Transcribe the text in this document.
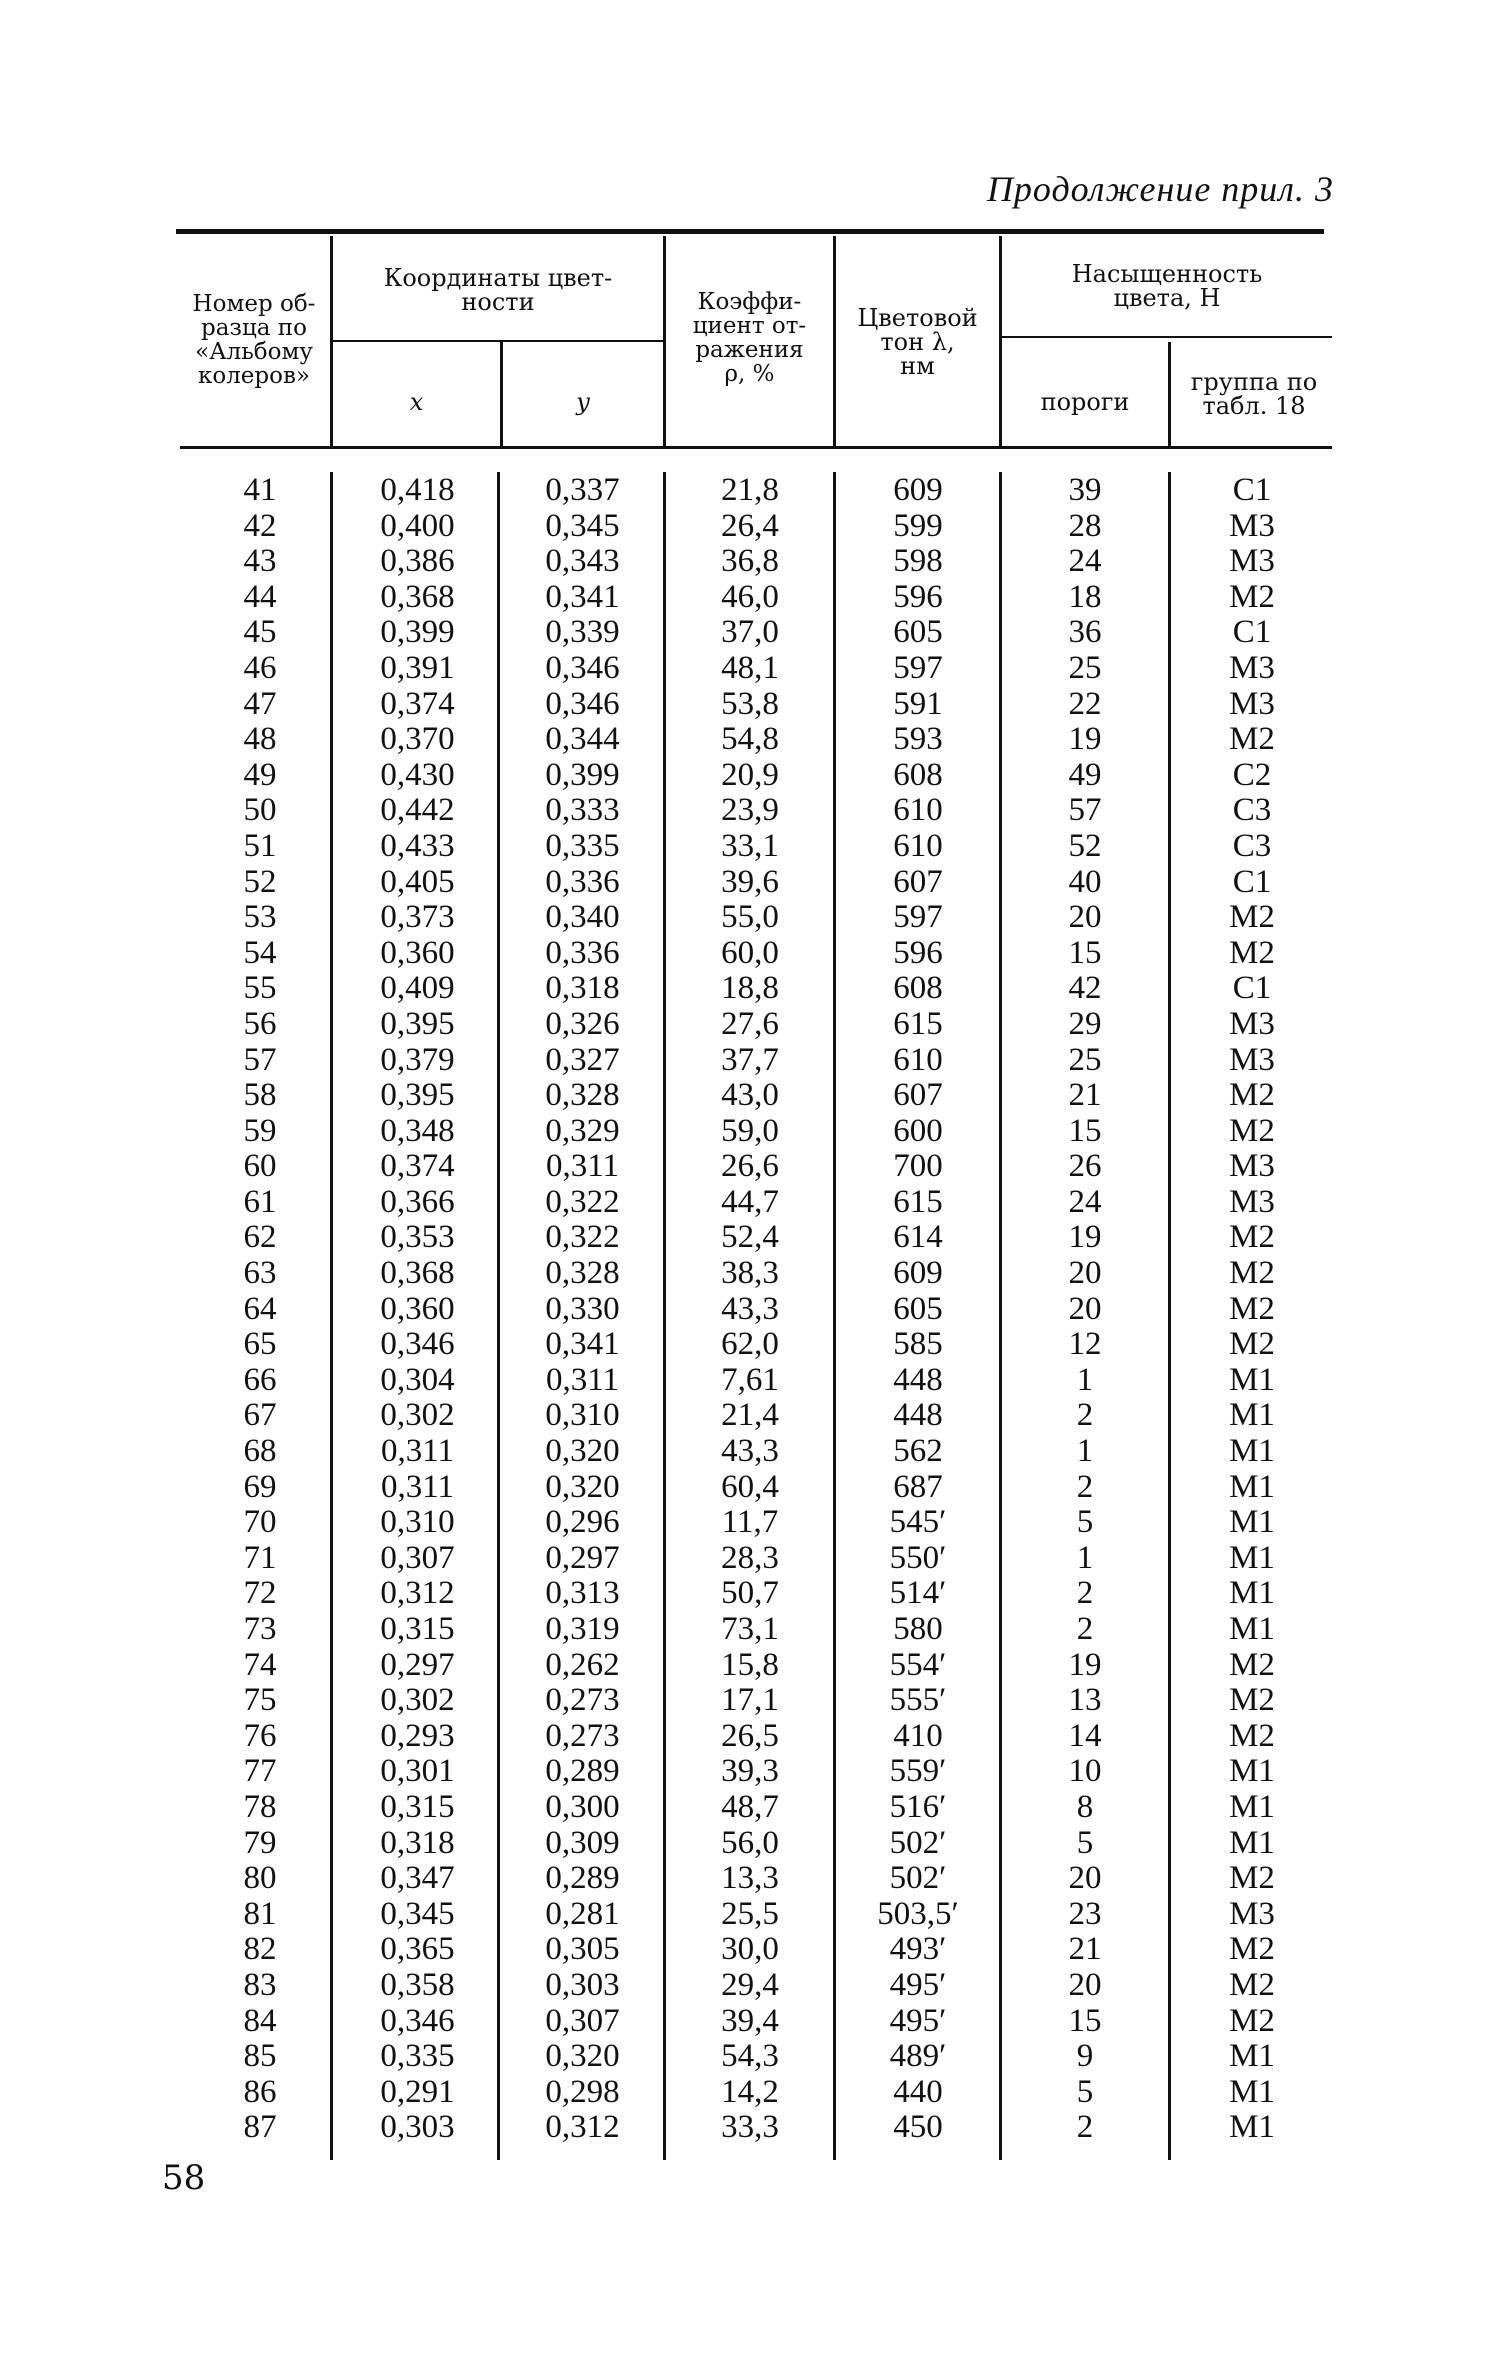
Продолжение прил. 3
Номер об-
разца по
«Альбому
колеров»
Координаты цвет-
ности
x	y
Коэффи-
циент от-
ражения
ρ, %
Цветовой
тон λ,
нм
Насыщенность
цвета, H
пороги
группа по
табл. 18
41	0,418	0,337	21,8	609	39	C1
42	0,400	0,345	26,4	599	28	M3
43	0,386	0,343	36,8	598	24	M3
44	0,368	0,341	46,0	596	18	M2
45	0,399	0,339	37,0	605	36	C1
46	0,391	0,346	48,1	597	25	M3
47	0,374	0,346	53,8	591	22	M3
48	0,370	0,344	54,8	593	19	M2
49	0,430	0,399	20,9	608	49	C2
50	0,442	0,333	23,9	610	57	C3
51	0,433	0,335	33,1	610	52	C3
52	0,405	0,336	39,6	607	40	C1
53	0,373	0,340	55,0	597	20	M2
54	0,360	0,336	60,0	596	15	M2
55	0,409	0,318	18,8	608	42	C1
56	0,395	0,326	27,6	615	29	M3
57	0,379	0,327	37,7	610	25	M3
58	0,395	0,328	43,0	607	21	M2
59	0,348	0,329	59,0	600	15	M2
60	0,374	0,311	26,6	700	26	M3
61	0,366	0,322	44,7	615	24	M3
62	0,353	0,322	52,4	614	19	M2
63	0,368	0,328	38,3	609	20	M2
64	0,360	0,330	43,3	605	20	M2
65	0,346	0,341	62,0	585	12	M2
66	0,304	0,311	7,61	448	1	M1
67	0,302	0,310	21,4	448	2	M1
68	0,311	0,320	43,3	562	1	M1
69	0,311	0,320	60,4	687	2	M1
70	0,310	0,296	11,7	545′	5	M1
71	0,307	0,297	28,3	550′	1	M1
72	0,312	0,313	50,7	514′	2	M1
73	0,315	0,319	73,1	580	2	M1
74	0,297	0,262	15,8	554′	19	M2
75	0,302	0,273	17,1	555′	13	M2
76	0,293	0,273	26,5	410	14	M2
77	0,301	0,289	39,3	559′	10	M1
78	0,315	0,300	48,7	516′	8	M1
79	0,318	0,309	56,0	502′	5	M1
80	0,347	0,289	13,3	502′	20	M2
81	0,345	0,281	25,5	503,5′	23	M3
82	0,365	0,305	30,0	493′	21	M2
83	0,358	0,303	29,4	495′	20	M2
84	0,346	0,307	39,4	495′	15	M2
85	0,335	0,320	54,3	489′	9	M1
86	0,291	0,298	14,2	440	5	M1
87	0,303	0,312	33,3	450	2	M1
58
